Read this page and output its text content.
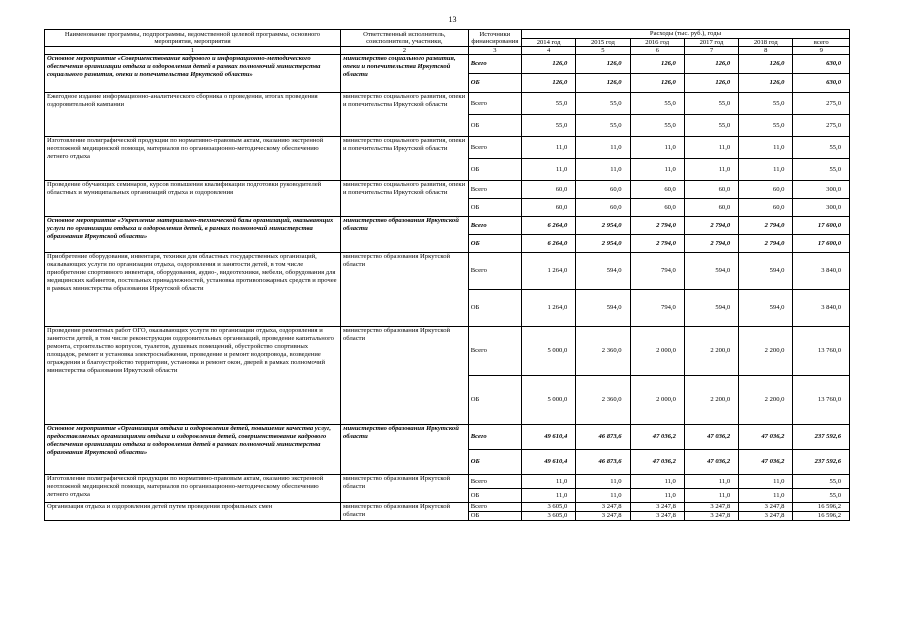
13
Наименование программы, подпрограммы, ведомственной целевой программы, основного мероприятия, мероприятия	Ответственный исполнитель, соисполнители, участники,	Источники финансирования	Расходы (тыс. руб.), годы					
			2014 год	2015 год	2016 год	2017 год	2018 год	всего
1	2	3	4	5	6	7	8	9
Основное мероприятие «Совершенствование кадрового и информационно-методического обеспечения организации отдыха и оздоровления детей в рамках полномочий министерства социального развития, опеки и попечительства Иркутской области»	министерство социального развития, опеки и попечительства Иркутской области	Всего	126,0	126,0	126,0	126,0	126,0	630,0
		ОБ	126,0	126,0	126,0	126,0	126,0	630,0
Ежегодное издание информационно-аналитического сборника о проведении, итогах проведения оздоровительной кампании	министерство социального развития, опеки и попечительства Иркутской области	Всего	55,0	55,0	55,0	55,0	55,0	275,0
		ОБ	55,0	55,0	55,0	55,0	55,0	275,0
Изготовление полиграфической продукции по нормативно-правовым актам, оказанию экстренной неотложной медицинской помощи, материалов по организационно-методическому обеспечению летнего отдыха	министерство социального развития, опеки и попечительства Иркутской области	Всего	11,0	11,0	11,0	11,0	11,0	55,0
		ОБ	11,0	11,0	11,0	11,0	11,0	55,0
Проведение обучающих семинаров, курсов повышения квалификации подготовки руководителей областных и муниципальных организаций отдыха и оздоровления	министерство социального развития, опеки и попечительства Иркутской области	Всего	60,0	60,0	60,0	60,0	60,0	300,0
		ОБ	60,0	60,0	60,0	60,0	60,0	300,0
Основное мероприятие «Укрепление материально-технической базы организаций, оказывающих услуги по организации отдыха и оздоровления детей, в рамках полномочий министерства образования Иркутской области»	министерство образования Иркутской области	Всего	6 264,0	2 954,0	2 794,0	2 794,0	2 794,0	17 600,0
		ОБ	6 264,0	2 954,0	2 794,0	2 794,0	2 794,0	17 600,0
Приобретение оборудования, инвентаря, техники для областных государственных организаций, оказывающих услуги по организации отдыха, оздоровления и занятости детей, в том числе приобретение спортивного инвентаря, оборудования, аудио-, видеотехники, мебели, оборудования для медицинских кабинетов, постельных принадлежностей, установка противопожарных средств и прочее в рамках министерства образования Иркутской области	министерство образования Иркутской области	Всего	1 264,0	594,0	794,0	594,0	594,0	3 840,0
		ОБ	1 264,0	594,0	794,0	594,0	594,0	3 840,0
Проведение ремонтных работ ОГО, оказывающих услуги по организации отдыха, оздоровления и занятости детей, в том числе реконструкция оздоровительных организаций, проведение капитального ремонта, строительство корпусов, туалетов, душевых помещений, обустройство спортивных площадок, ремонт и установка электроснабжения, проведение и ремонт водопровода, возведение ограждения и благоустройство территории, установка и ремонт окон, дверей в рамках полномочий министерства образования Иркутской области	министерство образования Иркутской области	Всего	5 000,0	2 360,0	2 000,0	2 200,0	2 200,0	13 760,0
		ОБ	5 000,0	2 360,0	2 000,0	2 200,0	2 200,0	13 760,0
Основное мероприятие «Организация отдыха и оздоровления детей, повышение качества услуг, предоставляемых организациями отдыха и оздоровления детей, совершенствование кадрового обеспечения организации отдыха и оздоровления детей в рамках полномочий министерства образования Иркутской области»	министерство образования Иркутской области	Всего	49 610,4	46 873,6	47 036,2	47 036,2	47 036,2	237 592,6
		ОБ	49 610,4	46 873,6	47 036,2	47 036,2	47 036,2	237 592,6
Изготовление полиграфической продукции по нормативно-правовым актам, оказанию экстренной неотложной медицинской помощи, материалов по организационно-методическому обеспечению летнего отдыха	министерство образования Иркутской области	Всего	11,0	11,0	11,0	11,0	11,0	55,0
		ОБ	11,0	11,0	11,0	11,0	11,0	55,0
Организация отдыха и оздоровления детей путем проведения профильных смен	министерство образования Иркутской области	Всего	3 605,0	3 247,8	3 247,8	3 247,8	3 247,8	16 596,2
		ОБ	3 605,0	3 247,8	3 247,8	3 247,8	3 247,8	16 596,2
